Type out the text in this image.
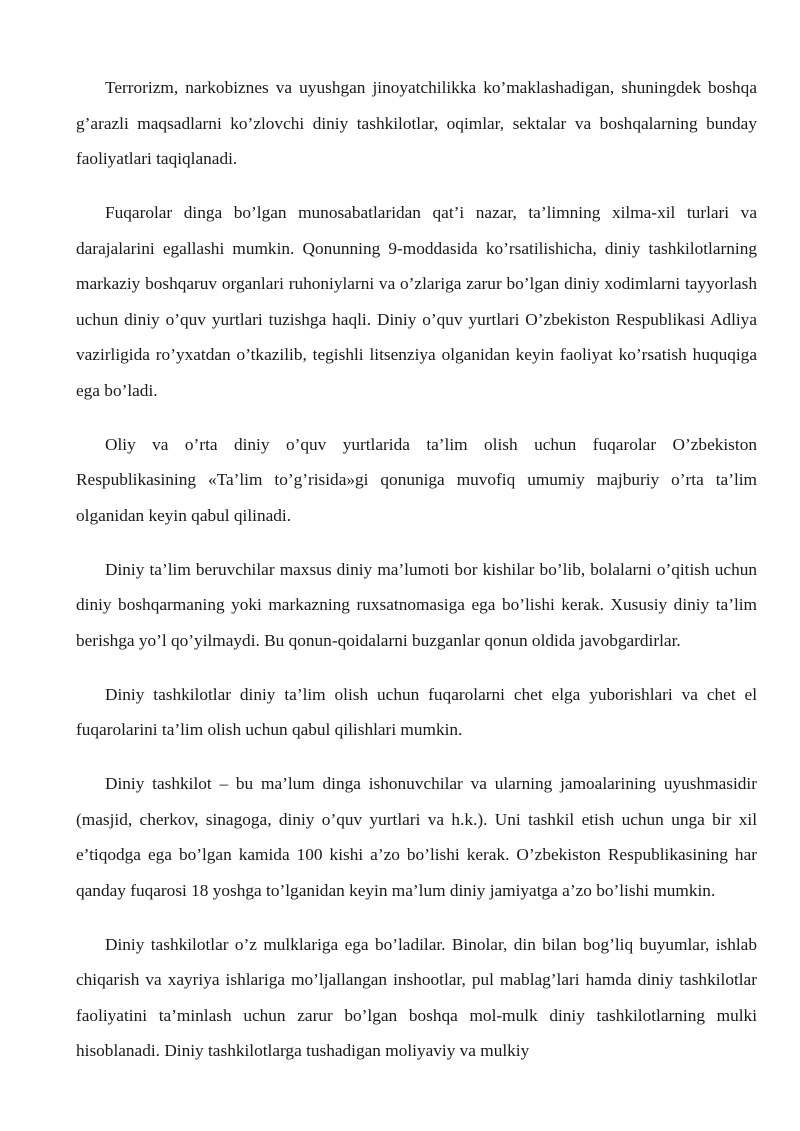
Terrorizm, narkobiznes va uyushgan jinoyatchilikka ko’maklashadigan, shuningdek boshqa g’arazli maqsadlarni ko’zlovchi diniy tashkilotlar, oqimlar, sektalar va boshqalarning bunday faoliyatlari taqiqlanadi.

Fuqarolar dinga bo’lgan munosabatlaridan qat’i nazar, ta’limning xilma-xil turlari va darajalarini egallashi mumkin. Qonunning 9-moddasida ko’rsatilishicha, diniy tashkilotlarning markaziy boshqaruv organlari ruhoniylarni va o’zlariga zarur bo’lgan diniy xodimlarni tayyorlash uchun diniy o’quv yurtlari tuzishga haqli. Diniy o’quv yurtlari O’zbekiston Respublikasi Adliya vazirligida ro’yxatdan o’tkazilib, tegishli litsenziya olganidan keyin faoliyat ko’rsatish huquqiga ega bo’ladi.

Oliy va o’rta diniy o’quv yurtlarida ta’lim olish uchun fuqarolar O’zbekiston Respublikasining «Ta’lim to’g’risida»gi qonuniga muvofiq umumiy majburiy o’rta ta’lim olganidan keyin qabul qilinadi.

Diniy ta’lim beruvchilar maxsus diniy ma’lumoti bor kishilar bo’lib, bolalarni o’qitish uchun diniy boshqarmaning yoki markazning ruxsatnomasiga ega bo’lishi kerak. Xususiy diniy ta’lim berishga yo’l qo’yilmaydi. Bu qonun-qoidalarni buzganlar qonun oldida javobgardirlar.

Diniy tashkilotlar diniy ta’lim olish uchun fuqarolarni chet elga yuborishlari va chet el fuqarolarini ta’lim olish uchun qabul qilishlari mumkin.

Diniy tashkilot – bu ma’lum dinga ishonuvchilar va ularning jamoalarining uyushmasidir (masjid, cherkov, sinagoga, diniy o’quv yurtlari va h.k.). Uni tashkil etish uchun unga bir xil e’tiqodga ega bo’lgan kamida 100 kishi a’zo bo’lishi kerak. O’zbekiston Respublikasining har qanday fuqarosi 18 yoshga to’lganidan keyin ma’lum diniy jamiyatga a’zo bo’lishi mumkin.

Diniy tashkilotlar o’z mulklariga ega bo’ladilar. Binolar, din bilan bog’liq buyumlar, ishlab chiqarish va xayriya ishlariga mo’ljallangan inshootlar, pul mablag’lari hamda diniy tashkilotlar faoliyatini ta’minlash uchun zarur bo’lgan boshqa mol-mulk diniy tashkilotlarning mulki hisoblanadi. Diniy tashkilotlarga tushadigan moliyaviy va mulkiy
